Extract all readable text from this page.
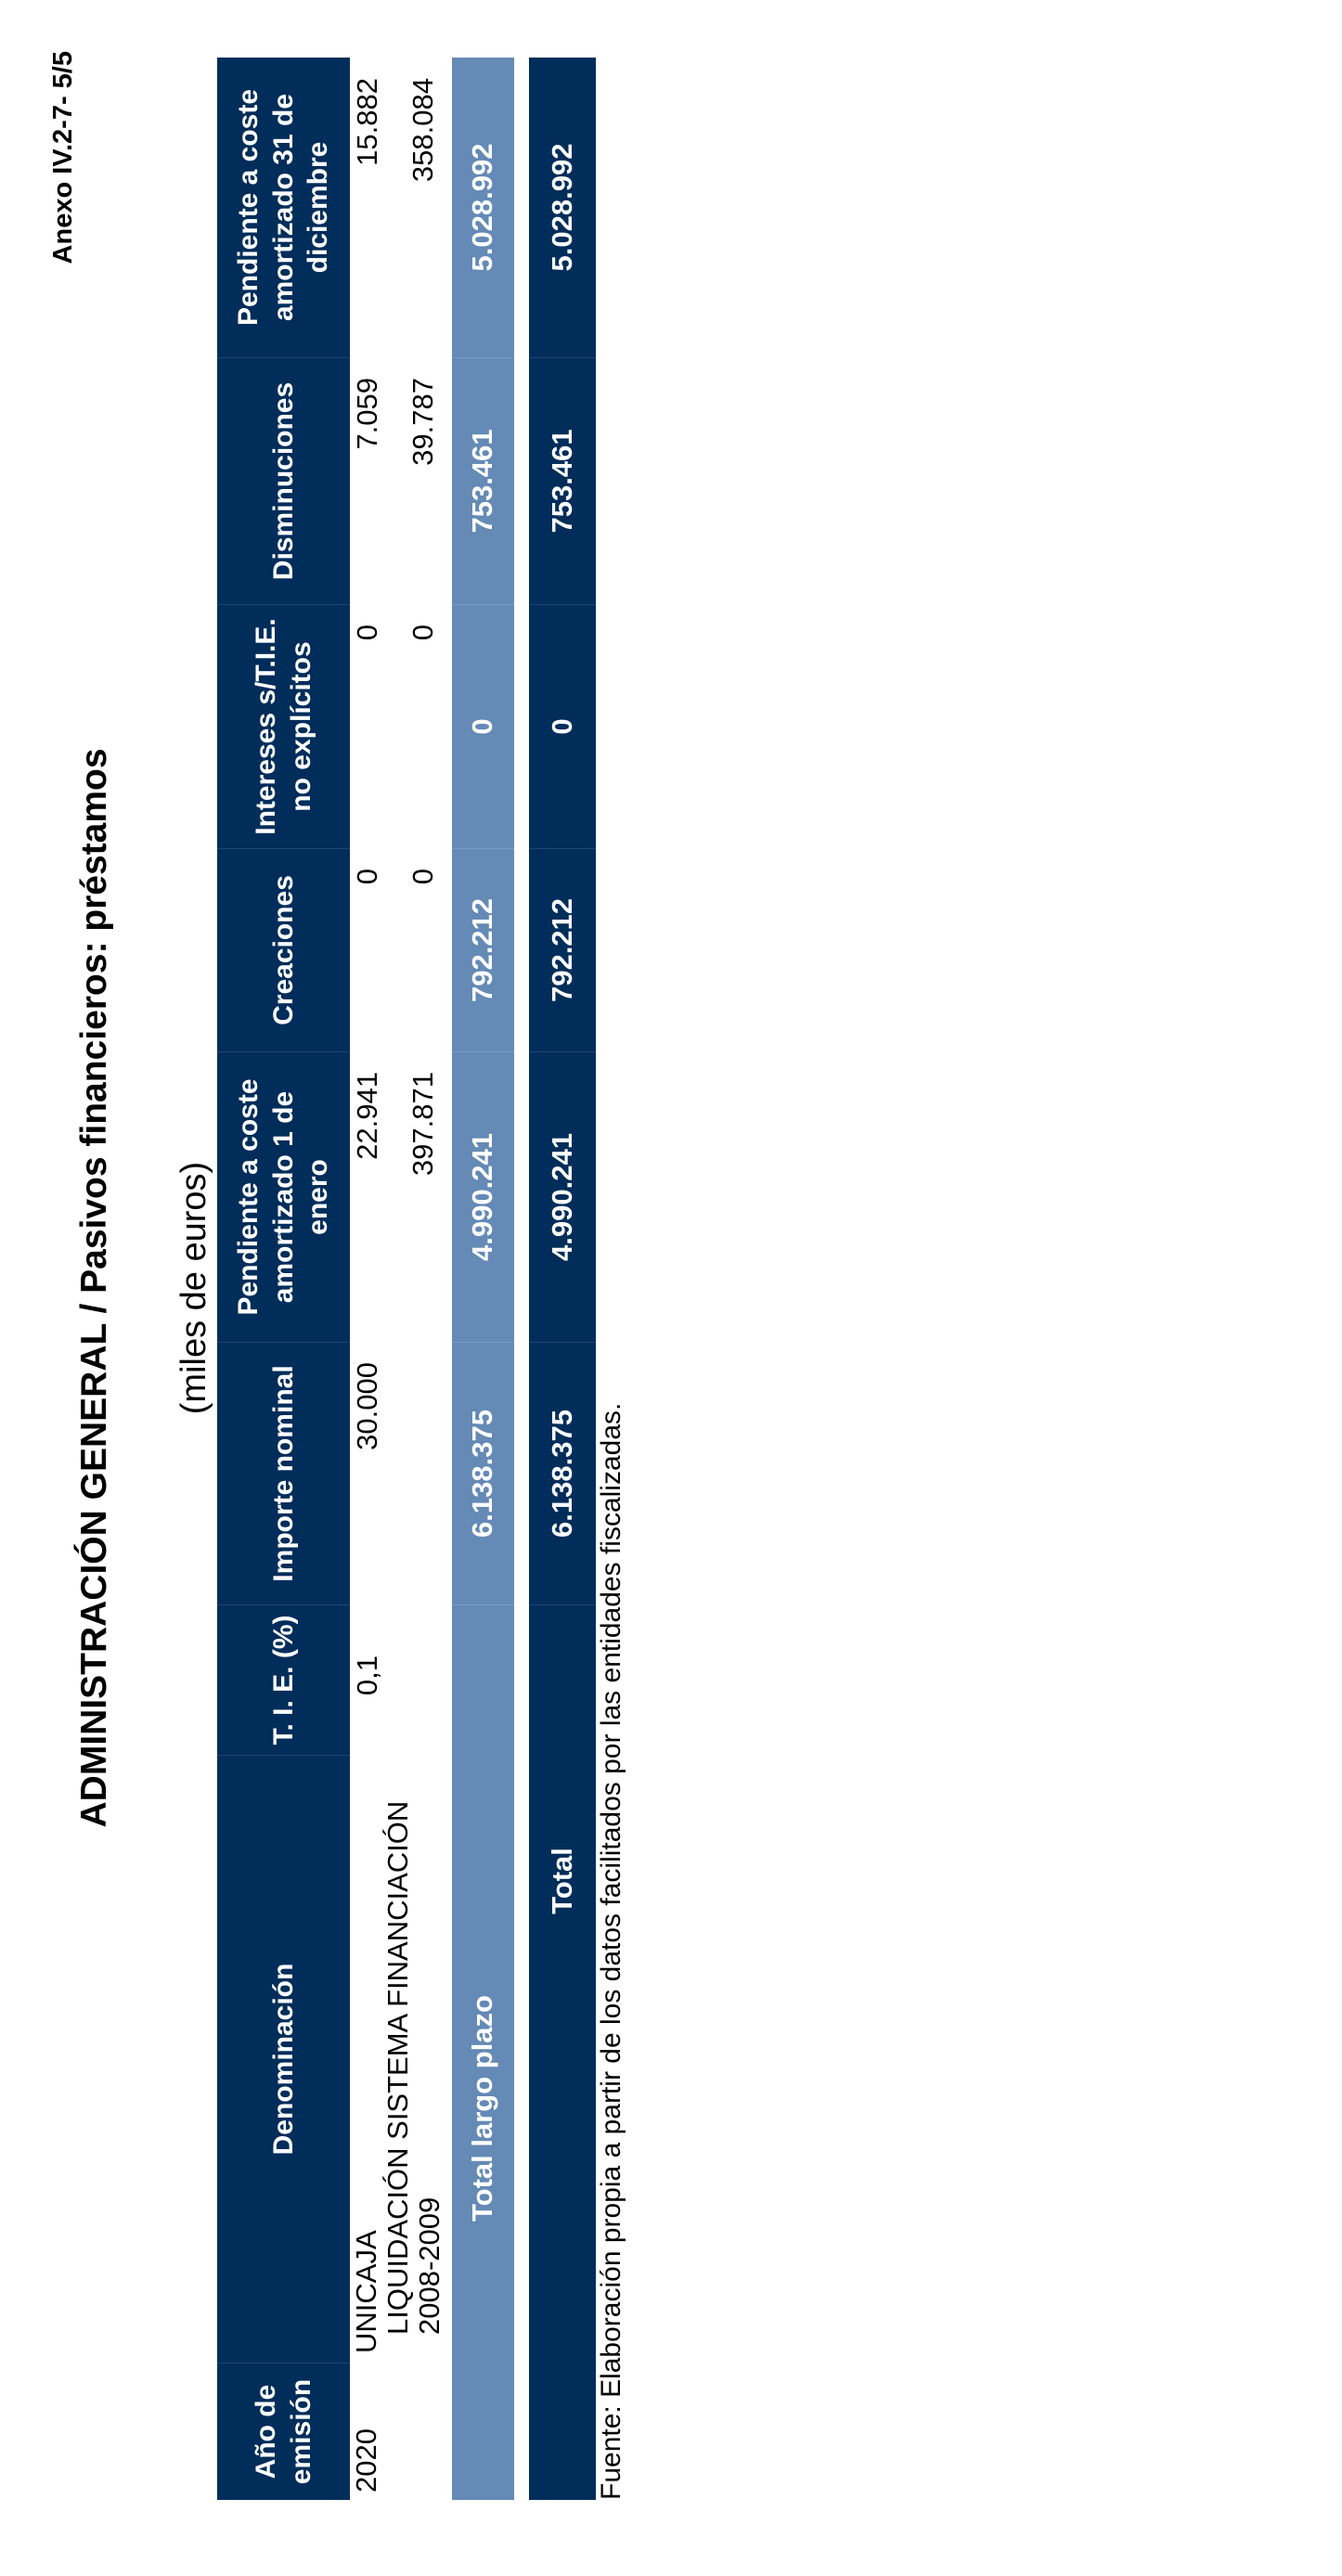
Anexo IV.2-7- 5/5
ADMINISTRACIÓN GENERAL / Pasivos financieros: préstamos (miles de euros)
Año de emisión
Denominación
T. I. E. (%)
Importe nominal
Pendiente a coste amortizado 1 de enero
Creaciones
Intereses s/T.I.E. no explícitos
Disminuciones
Pendiente a coste amortizado 31 de diciembre
2020
UNICAJA LIQUIDACIÓN SISTEMA FINANCIACIÓN 2008-2009
0,1
30.000
22.941 397.871
0 0
0 0
7.059 39.787
15.882 358.084
Total largo plazo
6.138.375
4.990.241
792.212
0
753.461
5.028.992
Total
6.138.375
4.990.241
792.212
0
753.461
5.028.992
Fuente: Elaboración propia a partir de los datos facilitados por las entidades fiscalizadas.
